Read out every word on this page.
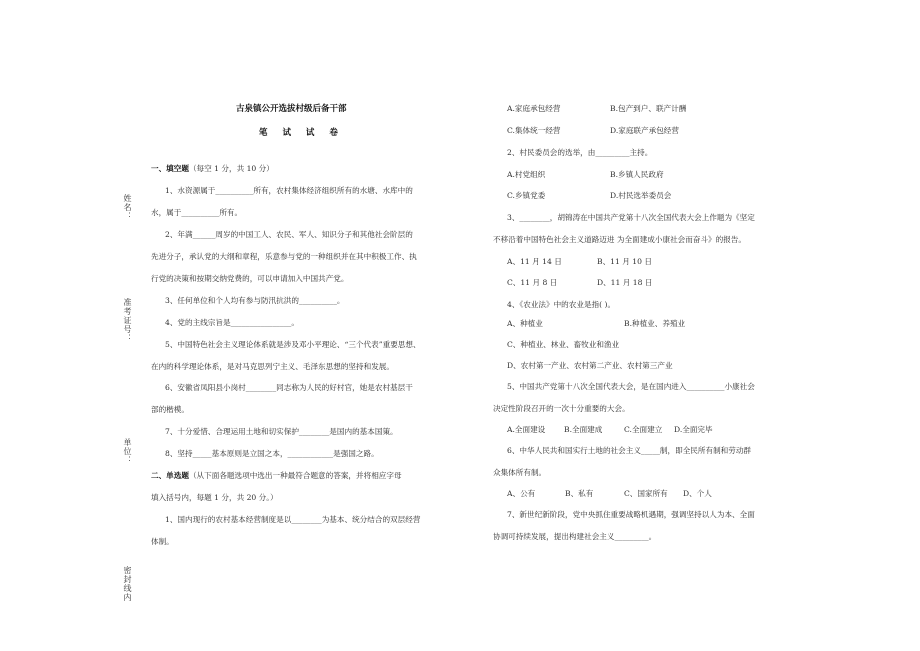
姓名：
准考证号：
单位：
密封线内
古泉镇公开选拔村级后备干部
笔 试 试 卷
一、填空题（每空 1 分，共 10 分）
1、水资源属于__________所有，农村集体经济组织所有的水塘、水库中的
水，属于__________所有。
2、年满______周岁的中国工人、农民、军人、知识分子和其他社会阶层的
先进分子，承认党的大纲和章程，乐意参与党的一种组织并在其中积极工作、执
行党的决策和按期交纳党费的，可以申请加入中国共产党。
3、任何单位和个人均有参与防汛抗洪的__________。
4、党的主线宗旨是________________。
5、中国特色社会主义理论体系就是涉及邓小平理论、“三个代表”重要思想、
在内的科学理论体系，是对马克思列宁主义、毛泽东思想的坚持和发展。
6、安徽省凤阳县小岗村________同志称为人民的好村官，她是农村基层干
部的楷模。
7、十分爱惜、合理运用土地和切实保护________是国内的基本国策。
8、坚持_____基本原则是立国之本，____________是强国之路。
二、单选题（从下面各题选项中选出一种最符合题意的答案，并将相应字母
填入括号内，每题 1 分，共 20 分。）
1、国内现行的农村基本经营制度是以________为基本、统分结合的双层经营
体制。
A.家庭承包经营	B.包产到户、联产计酬
C.集体统一经营	D.家庭联产承包经营
2、村民委员会的选举，由_________主持。
A.村党组织	B.乡镇人民政府
C.乡镇党委	D.村民选举委员会
3、________，胡锦涛在中国共产党第十八次全国代表大会上作题为《坚定
不移沿着中国特色社会主义道路迈进 为全面建成小康社会而奋斗》的报告。
A、11 月 14 日	B、11 月 10 日
C、11 月 8 日	D、11 月 18 日
4、《农业法》中的农业是指( )。
A、种植业	B.种植业、养殖业
C、种植业、林业、畜牧业和渔业
D、农村第一产业、农村第二产业、农村第三产业
5、中国共产党第十八次全国代表大会，是在国内进入__________小康社会
决定性阶段召开的一次十分重要的大会。
A.全面建设 B.全面建成	C.全面建立 D.全面完毕
6、中华人民共和国实行土地的社会主义_____制，即全民所有制和劳动群
众集体所有制。
A、公有	B、私有	C、国家所有 D、个人
7、新世纪新阶段，党中央抓住重要战略机遇期，强调坚持以人为本、全面
协调可持续发展，提出构建社会主义_________。
